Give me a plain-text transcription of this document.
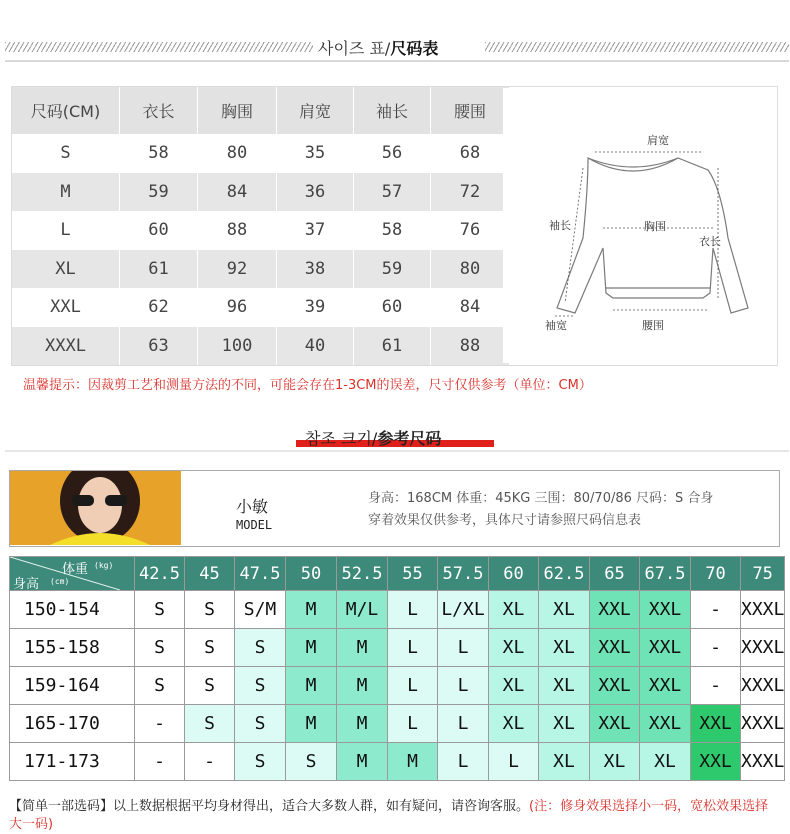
사이즈 표/尺码表
尺码(CM)	衣长	胸围	肩宽	袖长	腰围
S	58	80	35	56	68
M	59	84	36	57	72
L	60	88	37	58	76
XL	61	92	38	59	80
XXL	62	96	39	60	84
XXXL	63	100	40	61	88
肩宽
袖长	胸围
衣长
袖宽	腰围
温馨提示：因裁剪工艺和测量方法的不同，可能会存在1-3CM的误差，尺寸仅供参考（单位：CM）
참조 크기/参考尺码
小敏
MODEL
身高：168CM 体重：45KG 三围：80/70/86 尺码：S 合身
穿着效果仅供参考，具体尺寸请参照尺码信息表
体重 (kg)
身高 (cm)	42.5	45	47.5	50	52.5	55	57.5	60	62.5	65	67.5	70	75
150-154	S	S	S/M	M	M/L	L	L/XL	XL	XL	XXL	XXL	-	XXXL
155-158	S	S	S	M	M	L	L	XL	XL	XXL	XXL	-	XXXL
159-164	S	S	S	M	M	L	L	XL	XL	XXL	XXL	-	XXXL
165-170	-	S	S	M	M	L	L	XL	XL	XXL	XXL	XXL	XXXL
171-173	-	-	S	S	M	M	L	L	XL	XL	XL	XXL	XXXL
【简单一部选码】以上数据根据平均身材得出，适合大多数人群，如有疑问，请咨询客服。(注：修身效果选择小一码，宽松效果选择大一码)
